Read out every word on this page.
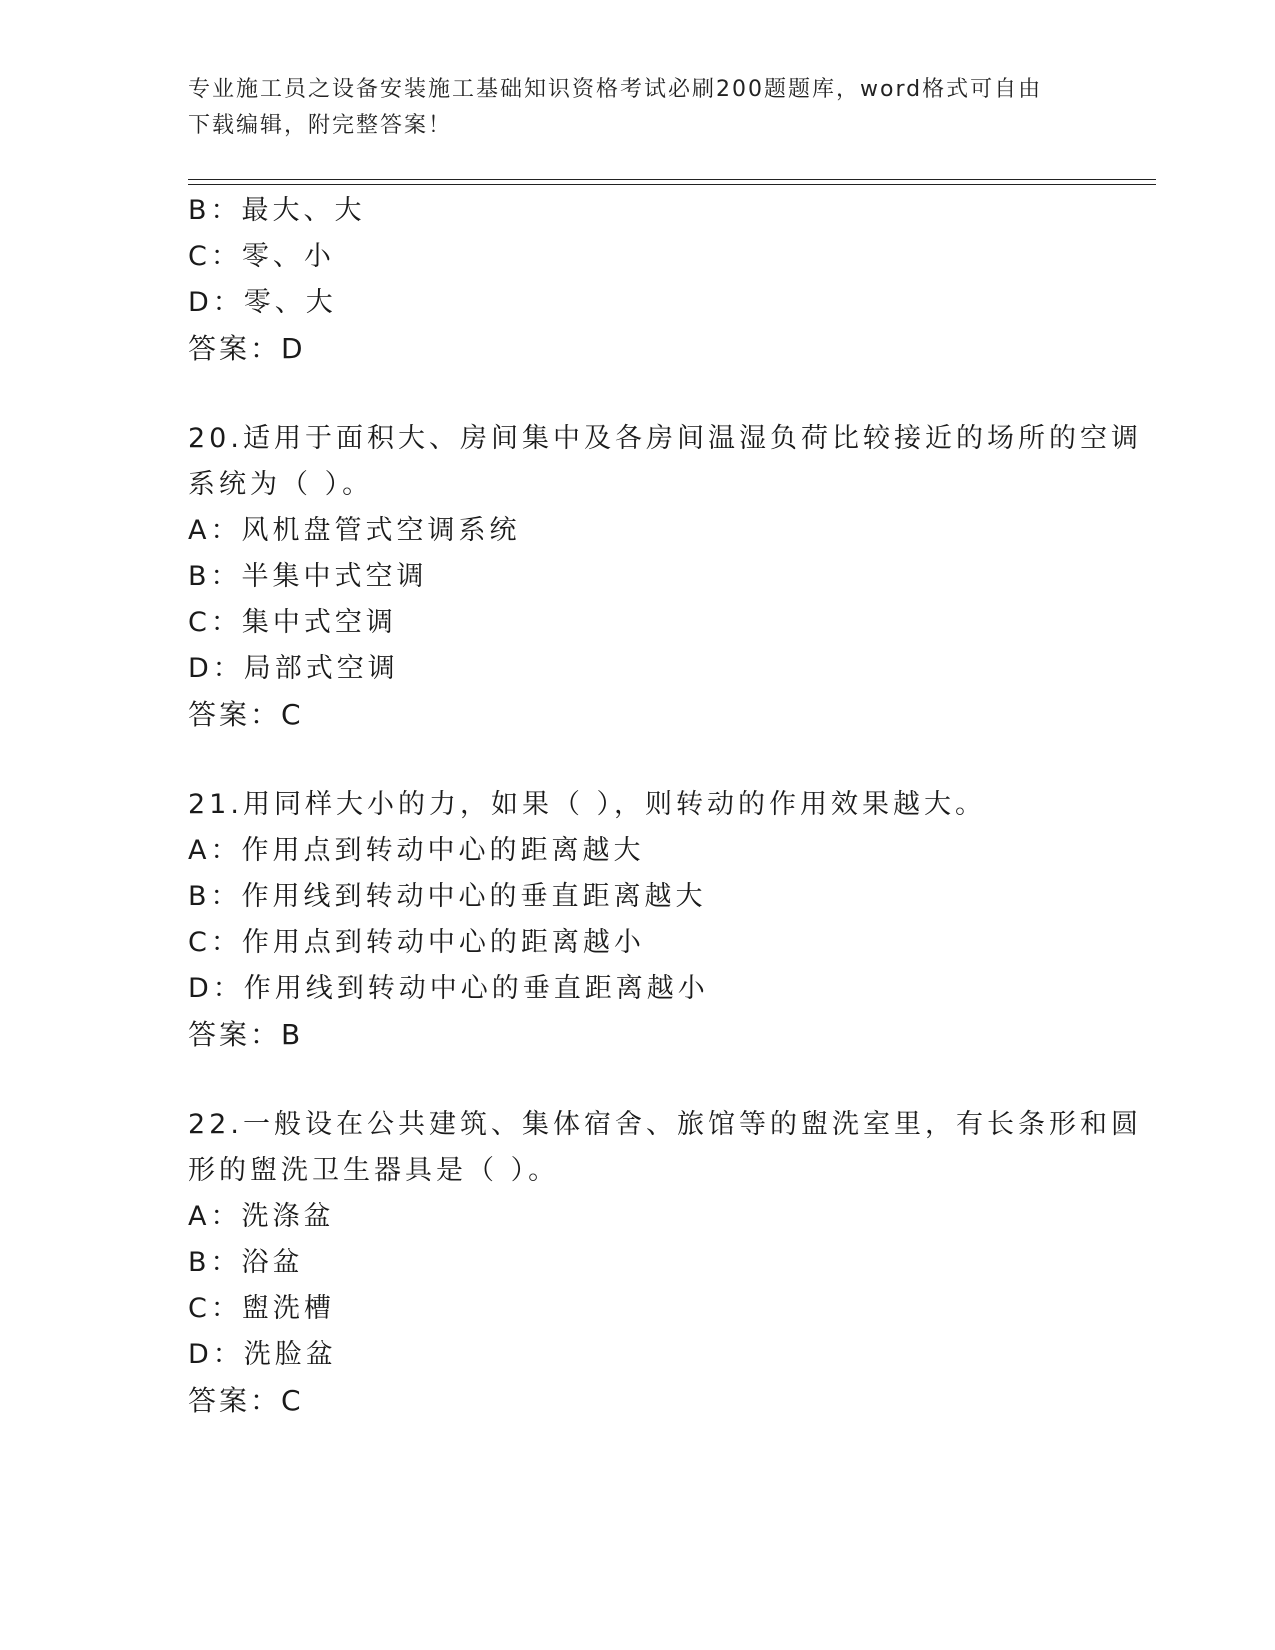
专业施工员之设备安装施工基础知识资格考试必刷200题题库，word格式可自由
下载编辑，附完整答案！
B：最大、大
C：零、小
D：零、大
答案：D
20.适用于面积大、房间集中及各房间温湿负荷比较接近的场所的空调
系统为（ ）。
A：风机盘管式空调系统
B：半集中式空调
C：集中式空调
D：局部式空调
答案：C
21.用同样大小的力，如果（ ），则转动的作用效果越大。
A：作用点到转动中心的距离越大
B：作用线到转动中心的垂直距离越大
C：作用点到转动中心的距离越小
D：作用线到转动中心的垂直距离越小
答案：B
22.一般设在公共建筑、集体宿舍、旅馆等的盥洗室里，有长条形和圆
形的盥洗卫生器具是（ ）。
A：洗涤盆
B：浴盆
C：盥洗槽
D：洗脸盆
答案：C
